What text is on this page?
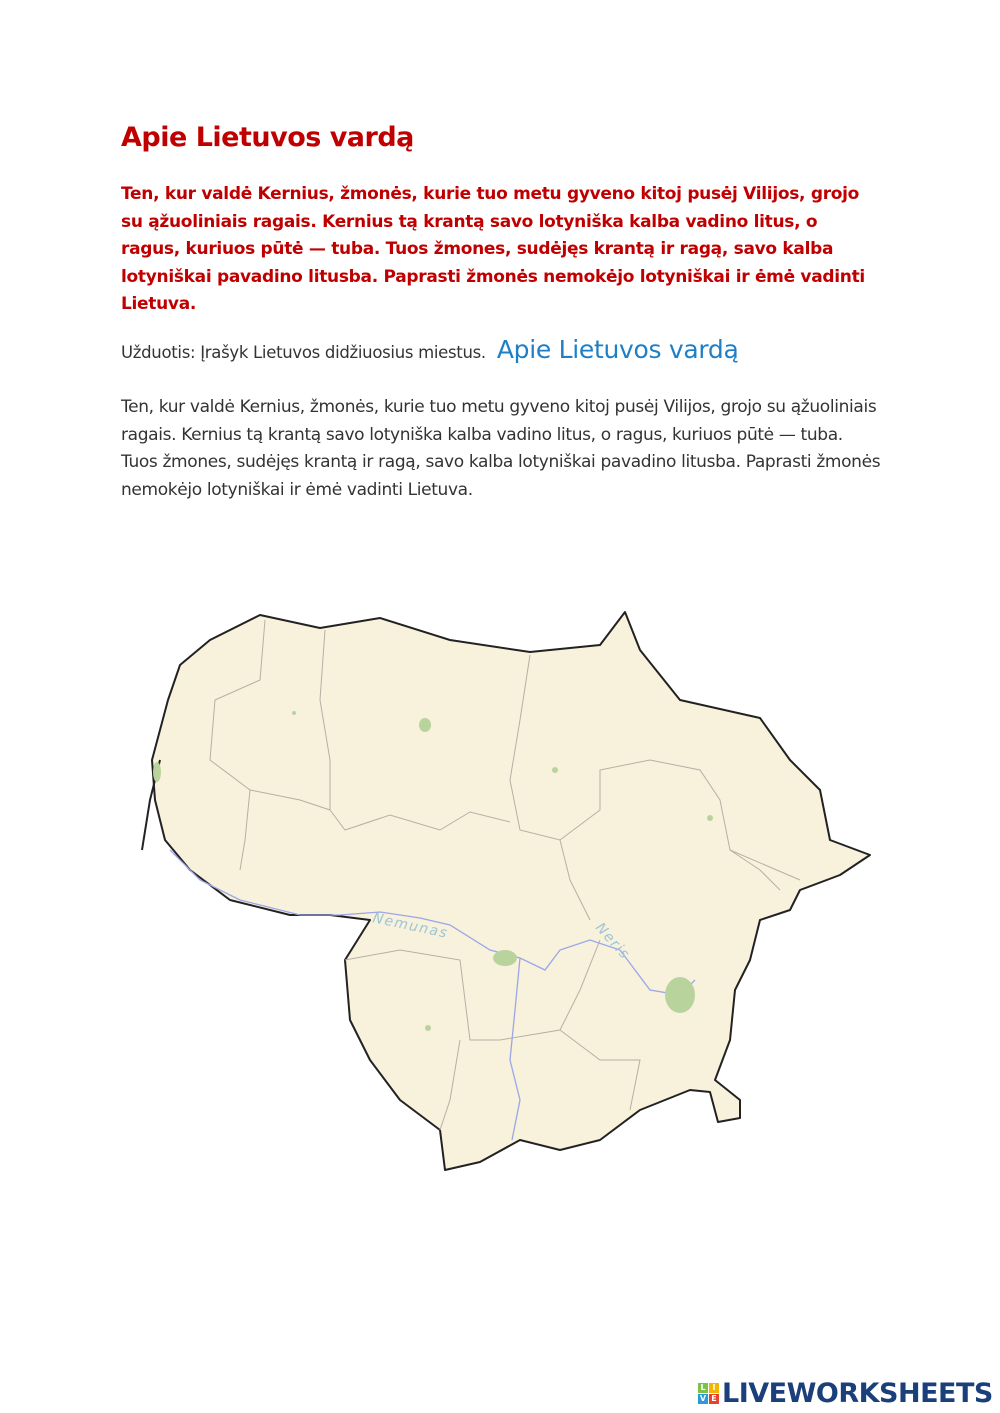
Apie Lietuvos vardą
Ten, kur valdė Kernius, žmonės, kurie tuo metu gyveno kitoj pusėj Vilijos, grojo su ąžuoliniais ragais. Kernius tą krantą savo lotyniška kalba vadino litus, o ragus, kuriuos pūtė — tuba. Tuos žmones, sudėjęs krantą ir ragą, savo kalba lotyniškai pavadino litusba. Paprasti žmonės nemokėjo lotyniškai ir ėmė vadinti Lietuva.
Užduotis: Įrašyk Lietuvos didžiuosius miestus. Apie Lietuvos vardą
Ten, kur valdė Kernius, žmonės, kurie tuo metu gyveno kitoj pusėj Vilijos, grojo su ąžuoliniais ragais. Kernius tą krantą savo lotyniška kalba vadino litus, o ragus, kuriuos pūtė — tuba. Tuos žmones, sudėjęs krantą ir ragą, savo kalba lotyniškai pavadino litusba. Paprasti žmonės nemokėjo lotyniškai ir ėmė vadinti Lietuva.
Nemunas	Neris
L I
V E LIVEWORKSHEETS
